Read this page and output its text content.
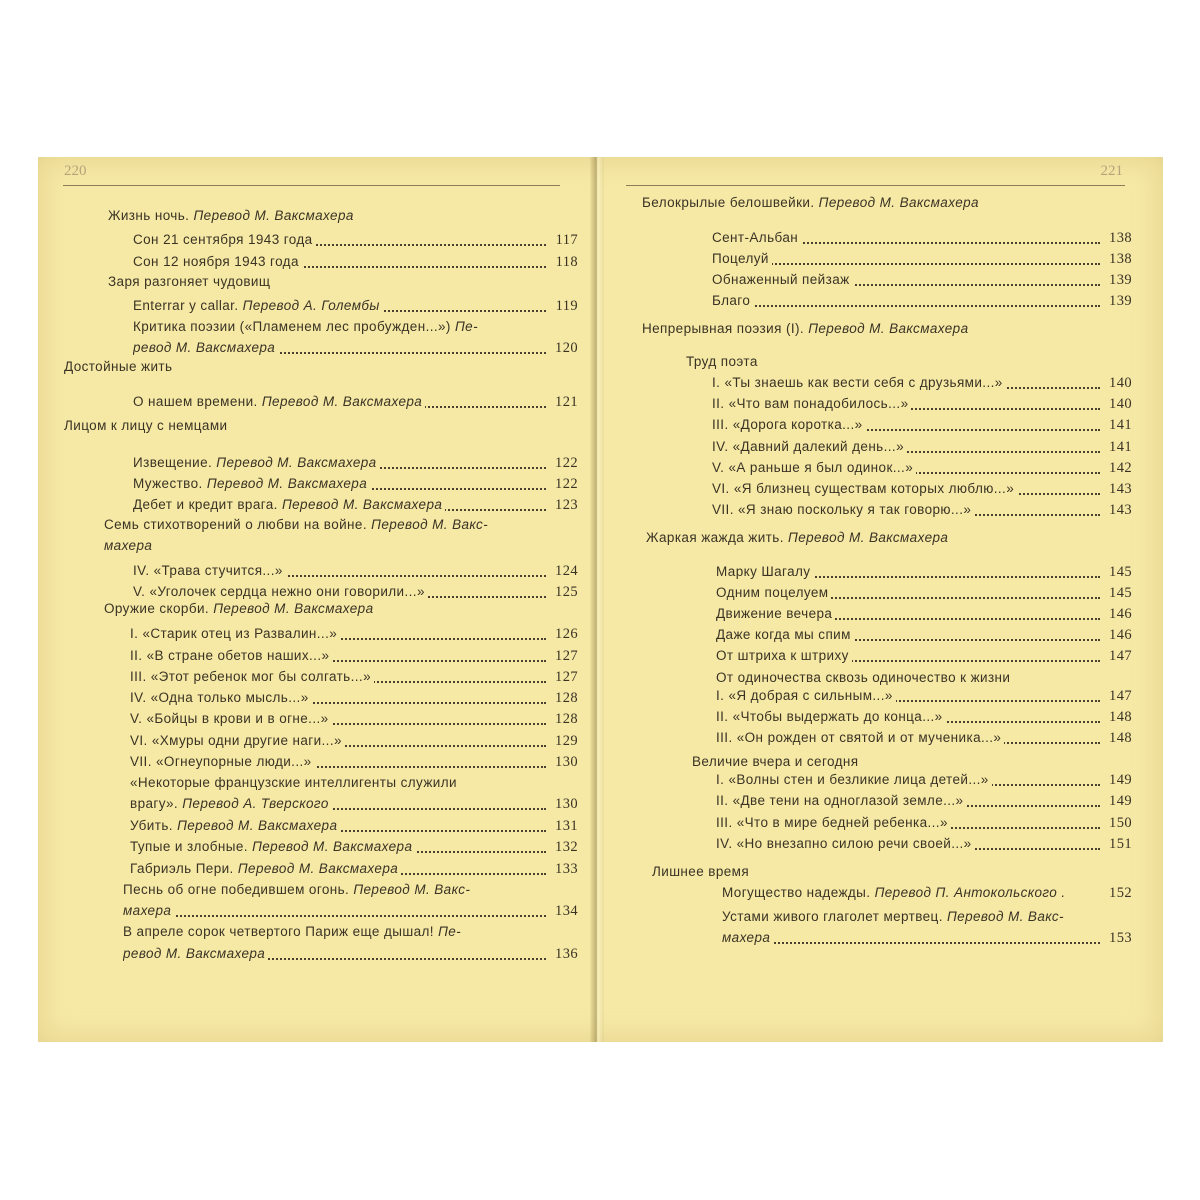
220
Жизнь ночь. Перевод М. Ваксмахера
Сон 21 сентября 1943 года	117
Сон 12 ноября 1943 года	118
Заря разгоняет чудовищ
Enterrar y callar. Перевод А. Голембы	119
Критика поэзии («Пламенем лес пробужден...») Пе-
ревод М. Ваксмахера	120
Достойные жить
О нашем времени. Перевод М. Ваксмахера	121
Лицом к лицу с немцами
Извещение. Перевод М. Ваксмахера	122
Мужество. Перевод М. Ваксмахера	122
Дебет и кредит врага. Перевод М. Ваксмахера	123
Семь стихотворений о любви на войне. Перевод М. Вакс-
махера
IV. «Трава стучится...»	124
V. «Уголочек сердца нежно они говорили...»	125
Оружие скорби. Перевод М. Ваксмахера
I. «Старик отец из Развалин...»	126
II. «В стране обетов наших...»	127
III. «Этот ребенок мог бы солгать...»	127
IV. «Одна только мысль...»	128
V. «Бойцы в крови и в огне...»	128
VI. «Хмуры одни другие наги...»	129
VII. «Огнеупорные люди...»	130
«Некоторые французские интеллигенты служили
врагу». Перевод А. Тверского	130
Убить. Перевод М. Ваксмахера	131
Тупые и злобные. Перевод М. Ваксмахера	132
Габриэль Пери. Перевод М. Ваксмахера	133
Песнь об огне победившем огонь. Перевод М. Вакс-
махера	134
В апреле сорок четвертого Париж еще дышал! Пе-
ревод М. Ваксмахера	136
221
Белокрылые белошвейки. Перевод М. Ваксмахера
Сент-Альбан	138
Поцелуй	138
Обнаженный пейзаж	139
Благо	139
Непрерывная поэзия (I). Перевод М. Ваксмахера
Труд поэта
I. «Ты знаешь как вести себя с друзьями...»	140
II. «Что вам понадобилось...»	140
III. «Дорога коротка...»	141
IV. «Давний далекий день...»	141
V. «А раньше я был одинок...»	142
VI. «Я близнец существам которых люблю...»	143
VII. «Я знаю поскольку я так говорю...»	143
Жаркая жажда жить. Перевод М. Ваксмахера
Марку Шагалу	145
Одним поцелуем	145
Движение вечера	146
Даже когда мы спим	146
От штриха к штриху	147
От одиночества сквозь одиночество к жизни
I. «Я добрая с сильным...»	147
II. «Чтобы выдержать до конца...»	148
III. «Он рожден от святой и от мученика...»	148
Величие вчера и сегодня
I. «Волны стен и безликие лица детей...»	149
II. «Две тени на одноглазой земле...»	149
III. «Что в мире бедней ребенка...»	150
IV. «Но внезапно силою речи своей...»	151
Лишнее время
Могущество надежды. Перевод П. Антокольского .	152
Устами живого глаголет мертвец. Перевод М. Вакс-
махера	153
